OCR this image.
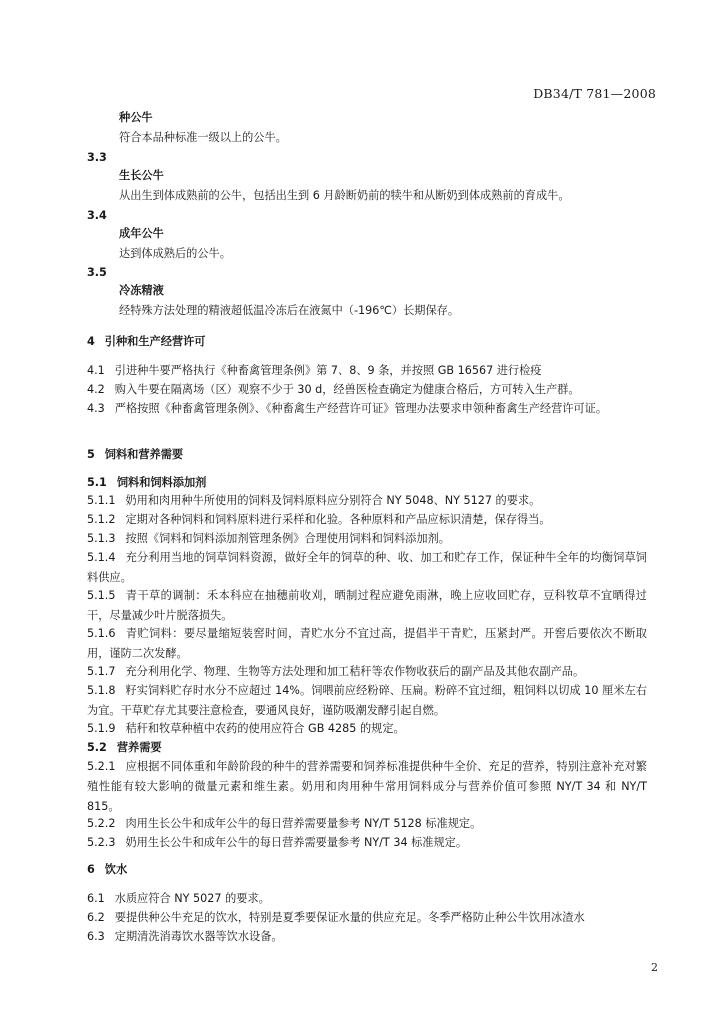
DB34/T 781—2008
种公牛
符合本品种标准一级以上的公牛。
3.3
生长公牛
从出生到体成熟前的公牛，包括出生到 6 月龄断奶前的犊牛和从断奶到体成熟前的育成牛。
3.4
成年公牛
达到体成熟后的公牛。
3.5
冷冻精液
经特殊方法处理的精液超低温冷冻后在液氮中（-196℃）长期保存。
4 引种和生产经营许可
4.1 引进种牛要严格执行《种畜禽管理条例》第 7、8、9 条，并按照 GB 16567 进行检疫
4.2 购入牛要在隔离场（区）观察不少于 30 d，经兽医检查确定为健康合格后，方可转入生产群。
4.3 严格按照《种畜禽管理条例》、《种畜禽生产经营许可证》管理办法要求申领种畜禽生产经营许可证。
5 饲料和营养需要
5.1 饲料和饲料添加剂
5.1.1 奶用和肉用种牛所使用的饲料及饲料原料应分别符合 NY 5048、NY 5127 的要求。
5.1.2 定期对各种饲料和饲料原料进行采样和化验。各种原料和产品应标识清楚，保存得当。
5.1.3 按照《饲料和饲料添加剂管理条例》合理使用饲料和饲料添加剂。
5.1.4 充分利用当地的饲草饲料资源，做好全年的饲草的种、收、加工和贮存工作，保证种牛全年的均衡饲草饲料供应。
5.1.5 青干草的调制：禾本科应在抽穗前收刈，晒制过程应避免雨淋，晚上应收回贮存，豆科牧草不宜晒得过干，尽量减少叶片脱落损失。
5.1.6 青贮饲料：要尽量缩短装窖时间，青贮水分不宜过高，提倡半干青贮，压紧封严。开窖后要依次不断取用，谨防二次发酵。
5.1.7 充分利用化学、物理、生物等方法处理和加工秸秆等农作物收获后的副产品及其他农副产品。
5.1.8 籽实饲料贮存时水分不应超过 14%。饲喂前应经粉碎、压扁。粉碎不宜过细，粗饲料以切成 10 厘米左右为宜。干草贮存尤其要注意检查，要通风良好，谨防吸潮发酵引起自燃。
5.1.9 秸秆和牧草种植中农药的使用应符合 GB 4285 的规定。
5.2 营养需要
5.2.1 应根据不同体重和年龄阶段的种牛的营养需要和饲养标准提供种牛全价、充足的营养，特别注意补充对繁殖性能有较大影响的微量元素和维生素。奶用和肉用种牛常用饲料成分与营养价值可参照 NY/T 34 和 NY/T 815。
5.2.2 肉用生长公牛和成年公牛的每日营养需要量参考 NY/T 5128 标准规定。
5.2.3 奶用生长公牛和成年公牛的每日营养需要量参考 NY/T 34 标准规定。
6 饮水
6.1 水质应符合 NY 5027 的要求。
6.2 要提供种公牛充足的饮水，特别是夏季要保证水量的供应充足。冬季严格防止种公牛饮用冰渣水
6.3 定期清洗消毒饮水器等饮水设备。
2
